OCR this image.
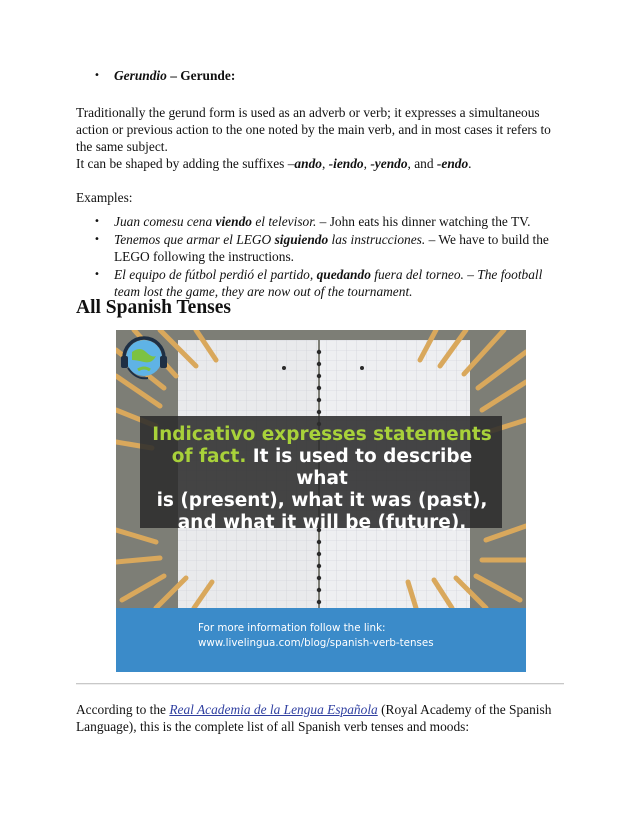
• Gerundio – Gerunde:

Traditionally the gerund form is used as an adverb or verb; it expresses a simultaneous action or previous action to the one noted by the main verb, and in most cases it refers to the same subject.

It can be shaped by adding the suffixes –ando, -iendo, -yendo, and -endo.

Examples:

• Juan comesu cena viendo el televisor. – John eats his dinner watching the TV.
• Tenemos que armar el LEGO siguiendo las instrucciones. – We have to build the LEGO following the instructions.
• El equipo de fútbol perdió el partido, quedando fuera del torneo. – The football team lost the game, they are now out of the tournament.
All Spanish Tenses

According to the Real Academia de la Lengua Española (Royal Academy of the Spanish Language), this is the complete list of all Spanish verb tenses and moods:

Indicativo expresses statements
of fact. It is used to describe what
is (present), what it was (past),
and what it will be (future).
For more information follow the link:
www.livelingua.com/blog/spanish-verb-tenses
